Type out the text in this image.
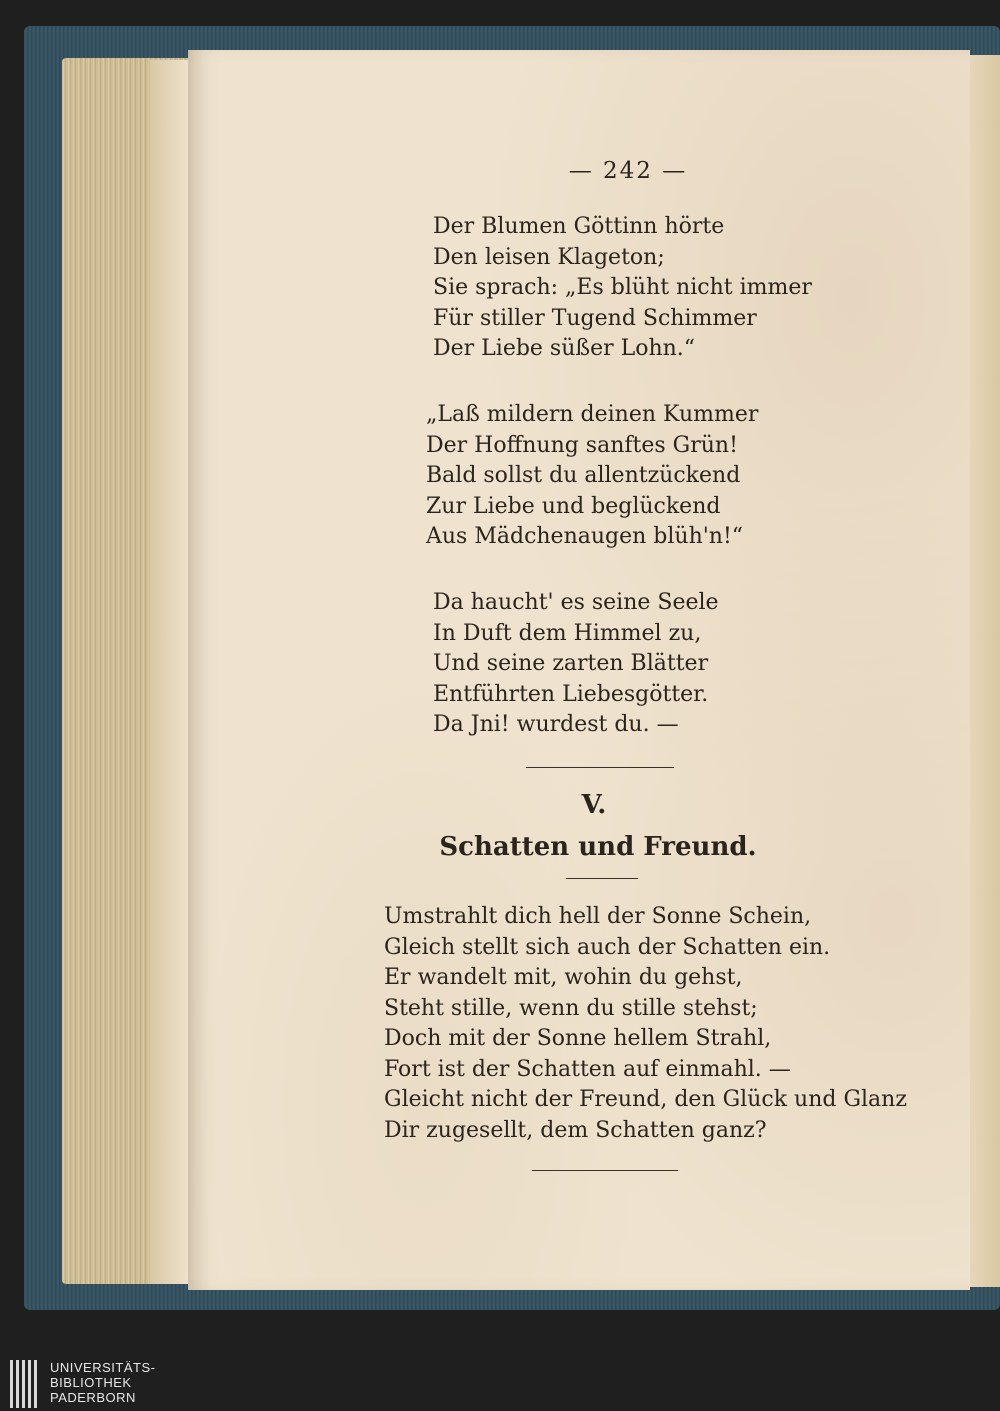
— 242 —
Der Blumen Göttinn hörte
Den leisen Klageton;
Sie sprach: „Es blüht nicht immer
Für stiller Tugend Schimmer
Der Liebe süßer Lohn.“
„Laß mildern deinen Kummer
Der Hoffnung sanftes Grün!
Bald sollst du allentzückend
Zur Liebe und beglückend
Aus Mädchenaugen blüh'n!“
Da haucht' es seine Seele
In Duft dem Himmel zu,
Und seine zarten Blätter
Entführten Liebesgötter.
Da Jni! wurdest du. —
V.
Schatten und Freund.
Umstrahlt dich hell der Sonne Schein,
Gleich stellt sich auch der Schatten ein.
Er wandelt mit, wohin du gehst,
Steht stille, wenn du stille stehst;
Doch mit der Sonne hellem Strahl,
Fort ist der Schatten auf einmahl. —
Gleicht nicht der Freund, den Glück und Glanz
Dir zugesellt, dem Schatten ganz?
UNIVERSITÄTS-
BIBLIOTHEK
PADERBORN
